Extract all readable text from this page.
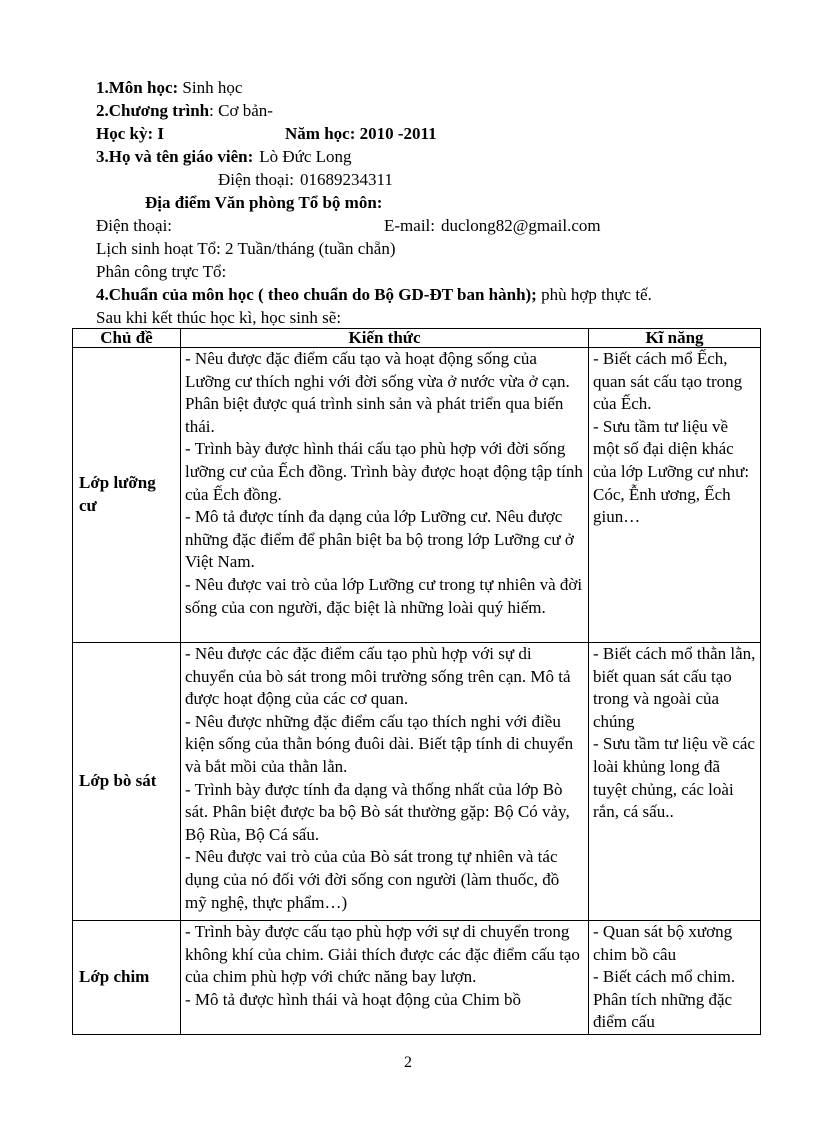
1.Môn học: Sinh học
2.Chương trình: Cơ bản-
Học kỳ: I	Năm học: 2010 -2011
3.Họ và tên giáo viên: Lò Đức Long
Điện thoại: 01689234311
Địa điểm Văn phòng Tổ bộ môn:
Điện thoại:	E-mail: duclong82@gmail.com
Lịch sinh hoạt Tổ: 2 Tuần/tháng (tuần chẵn)
Phân công trực Tổ:
4.Chuẩn của môn học ( theo chuẩn do Bộ GD-ĐT ban hành); phù hợp thực tế.
Sau khi kết thúc học kì, học sinh sẽ:
Chủ đề	Kiến thức	Kĩ năng
Lớp lưỡng cư	- Nêu được đặc điểm cấu tạo và hoạt động sống của Lưỡng cư thích nghi với đời sống vừa ở nước vừa ở cạn. Phân biệt được quá trình sinh sản và phát triển qua biến thái.
- Trình bày được hình thái cấu tạo phù hợp với đời sống lưỡng cư của Ếch đồng. Trình bày được hoạt động tập tính của Ếch đồng.
- Mô tả được tính đa dạng của lớp Lưỡng cư. Nêu được những đặc điểm để phân biệt ba bộ trong lớp Lưỡng cư ở Việt Nam.
- Nêu được vai trò của lớp Lưỡng cư trong tự nhiên và đời sống của con người, đặc biệt là những loài quý hiếm.	- Biết cách mổ Ếch, quan sát cấu tạo trong của Ếch.
- Sưu tầm tư liệu về một số đại diện khác của lớp Lưỡng cư như: Cóc, Ễnh ương, Ếch giun…

Lớp bò sát	- Nêu được các đặc điểm cấu tạo phù hợp với sự di chuyển của bò sát trong môi trường sống trên cạn. Mô tả được hoạt động của các cơ quan.
- Nêu được những đặc điểm cấu tạo thích nghi với điều kiện sống của thằn bóng đuôi dài. Biết tập tính di chuyển và bắt mồi của thằn lằn.
- Trình bày được tính đa dạng và thống nhất của lớp Bò sát. Phân biệt được ba bộ Bò sát thường gặp: Bộ Có vảy, Bộ Rùa, Bộ Cá sấu.
- Nêu được vai trò của của Bò sát trong tự nhiên và tác dụng của nó đối với đời sống con người (làm thuốc, đồ mỹ nghệ, thực phẩm…)	- Biết cách mổ thằn lằn, biết quan sát cấu tạo trong và ngoài của chúng
- Sưu tầm tư liệu về các loài khủng long đã tuyệt chủng, các loài rắn, cá sấu..

Lớp chim	- Trình bày được cấu tạo phù hợp với sự di chuyển trong không khí của chim. Giải thích được các đặc điểm cấu tạo của chim phù hợp với chức năng bay lượn.
- Mô tả được hình thái và hoạt động của Chim bồ	- Quan sát bộ xương chim bồ câu
- Biết cách mổ chim. Phân tích những đặc điểm cấu
2
